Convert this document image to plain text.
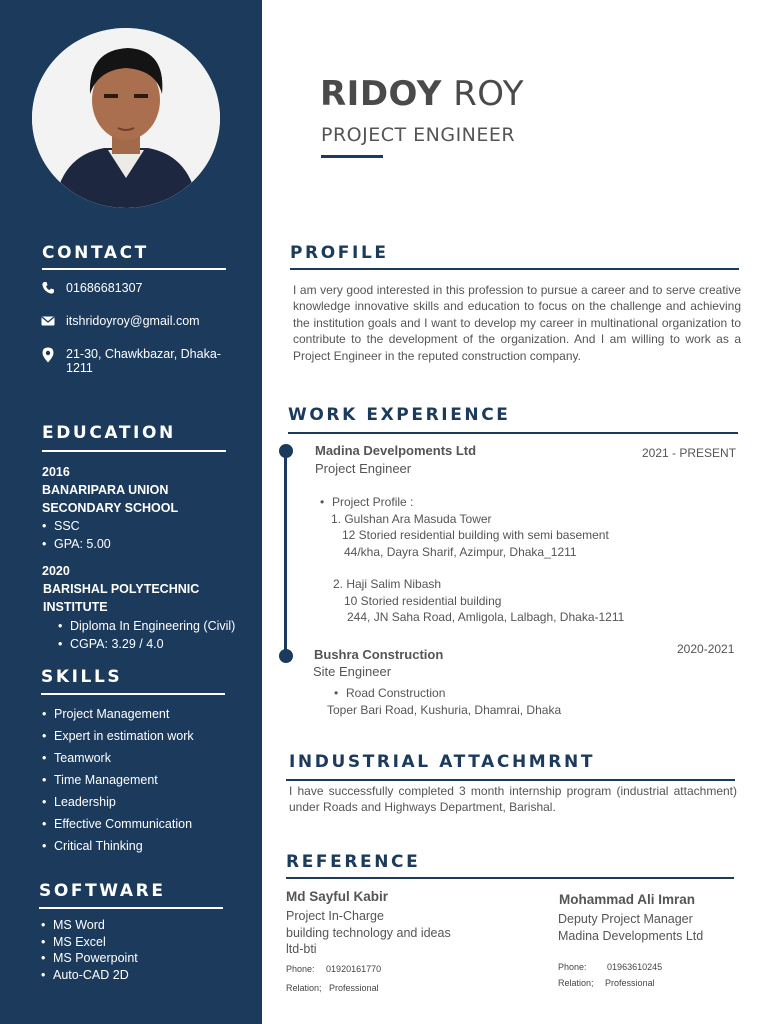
CONTACT
01686681307
itshridoyroy@gmail.com
21-30, Chawkbazar, Dhaka-
1211
EDUCATION
2016
BANARIPARA UNION
SECONDARY SCHOOL
• SSC
• GPA: 5.00
2020
BARISHAL POLYTECHNIC
INSTITUTE
• Diploma In Engineering (Civil)
• CGPA: 3.29 / 4.0
SKILLS
• Project Management
• Expert in estimation work
• Teamwork
• Time Management
• Leadership
• Effective Communication
• Critical Thinking
SOFTWARE
• MS Word
• MS Excel
• MS Powerpoint
• Auto-CAD 2D
RIDOY ROY
PROJECT ENGINEER
PROFILE
I am very good interested in this profession to pursue a career and to serve creative knowledge innovative skills and education to focus on the challenge and achieving the institution goals and I want to develop my career in multinational organization to contribute to the development of the organization. And I am willing to work as a Project Engineer in the reputed construction company.
WORK EXPERIENCE
Madina Develpoments Ltd
Project Engineer
2021 - PRESENT
• Project Profile :
1. Gulshan Ara Masuda Tower
12 Storied residential building with semi basement
44/kha, Dayra Sharif, Azimpur, Dhaka_1211
2. Haji Salim Nibash
10 Storied residential building
244, JN Saha Road, Amligola, Lalbagh, Dhaka-1211
Bushra Construction
Site Engineer
2020-2021
• Road Construction
Toper Bari Road, Kushuria, Dhamrai, Dhaka
INDUSTRIAL ATTACHMRNT
I have successfully completed 3 month internship program (industrial attachment) under Roads and Highways Department, Barishal.
REFERENCE
Md Sayful Kabir
Project In-Charge
building technology and ideas
ltd-bti
Phone: 01920161770
Relation; Professional
Mohammad Ali Imran
Deputy Project Manager
Madina Developments Ltd
Phone: 01963610245
Relation; Professional
